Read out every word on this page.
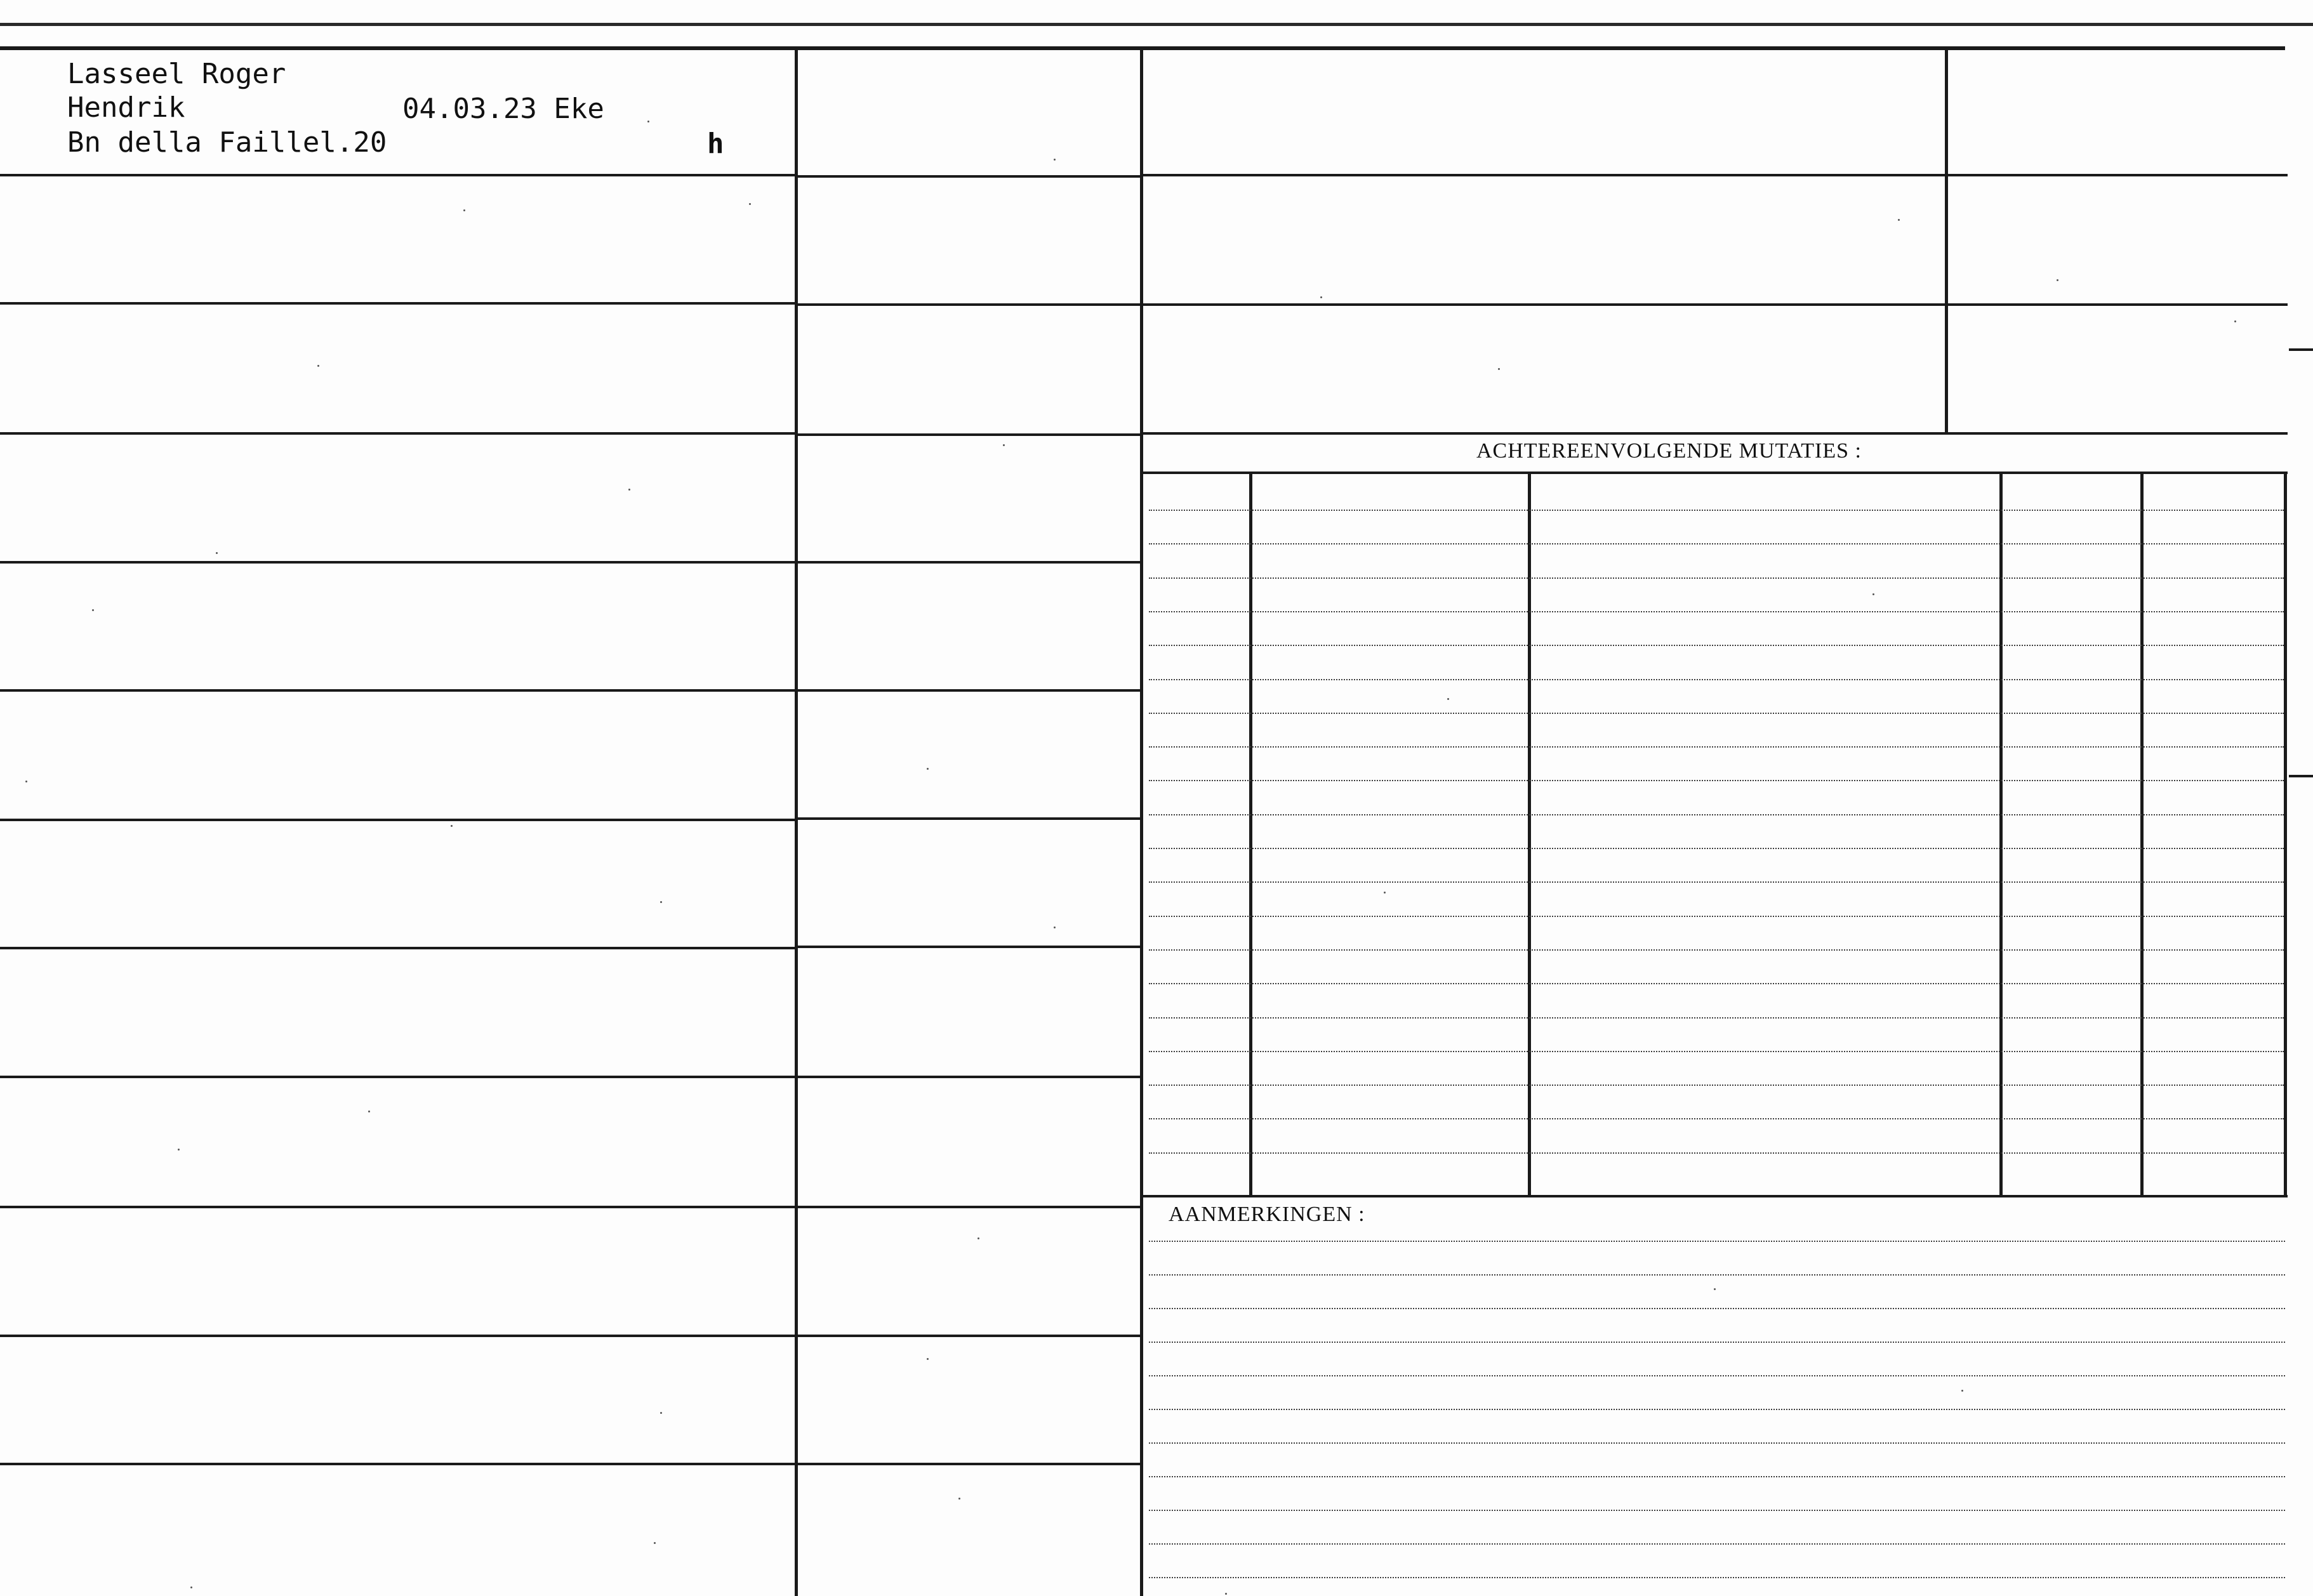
ACHTEREENVOLGENDE MUTATIES :
AANMERKINGEN :
Lasseel Roger
Hendrik	04.03.23 Eke
Bn della Faillel.20	h
